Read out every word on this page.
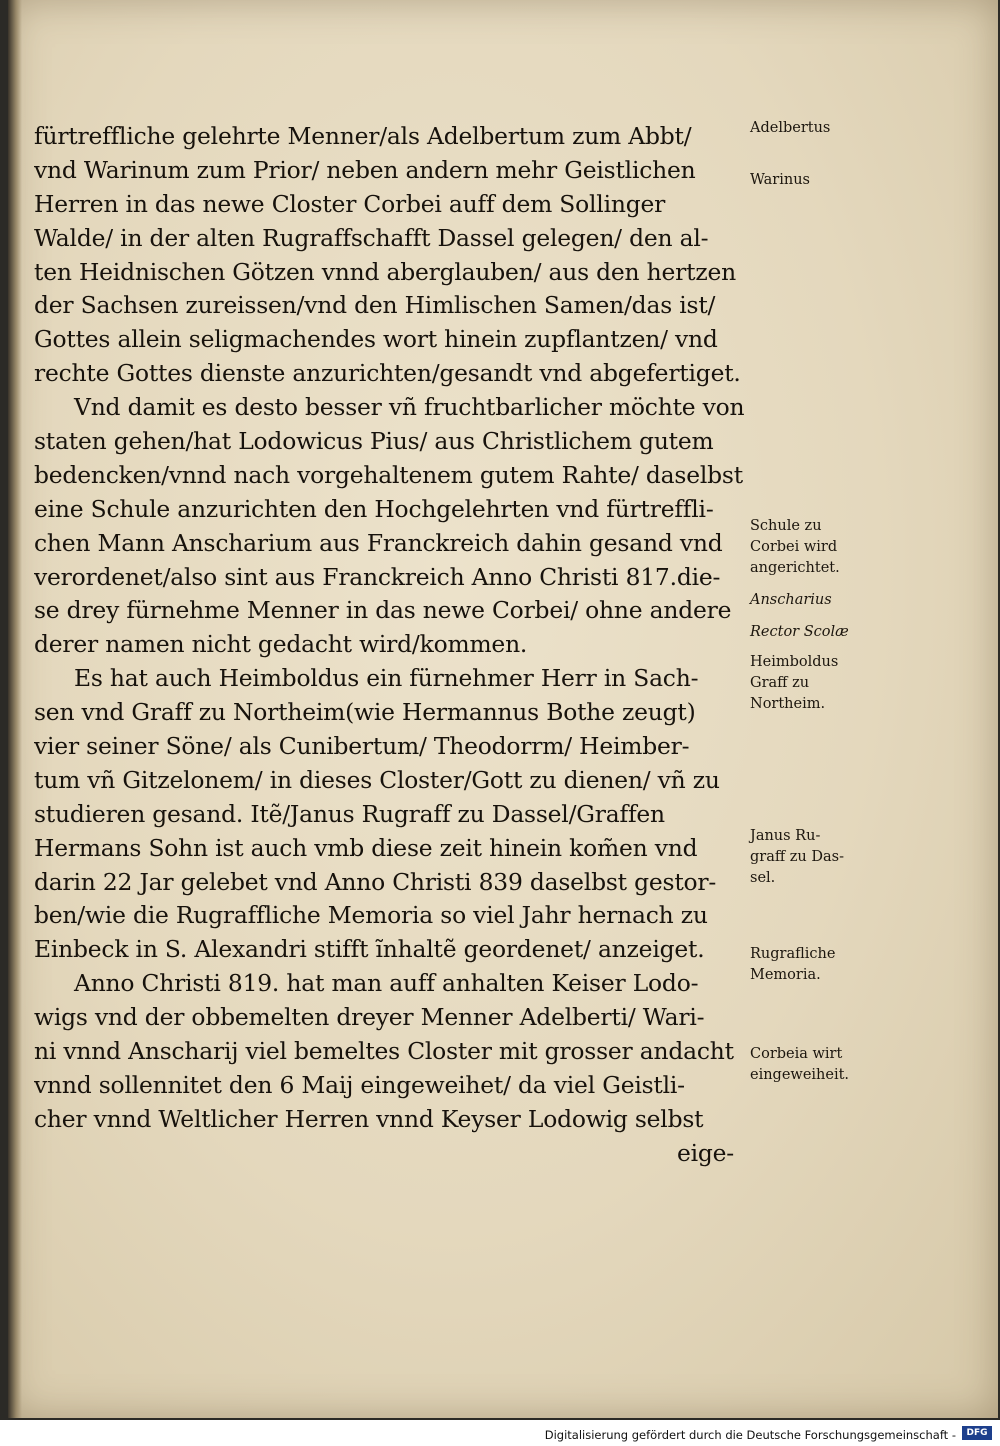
fürtreffliche gelehrte Menner/als Adelbertum zum Abbt/
vnd Warinum zum Prior/ neben andern mehr Geistlichen
Herren in das newe Closter Corbei auff dem Sollinger
Walde/ in der alten Rugraffschafft Dassel gelegen/ den al-
ten Heidnischen Götzen vnnd aberglauben/ aus den hertzen
der Sachsen zureissen/vnd den Himlischen Samen/das ist/
Gottes allein seligmachendes wort hinein zupflantzen/ vnd
rechte Gottes dienste anzurichten/gesandt vnd abgefertiget.
Vnd damit es desto besser vñ fruchtbarlicher möchte von
staten gehen/hat Lodowicus Pius/ aus Christlichem gutem
bedencken/vnnd nach vorgehaltenem gutem Rahte/ daselbst
eine Schule anzurichten den Hochgelehrten vnd fürtreffli-
chen Mann Anscharium aus Franckreich dahin gesand vnd
verordenet/also sint aus Franckreich Anno Christi 817.die-
se drey fürnehme Menner in das newe Corbei/ ohne andere
derer namen nicht gedacht wird/kommen.
Es hat auch Heimboldus ein fürnehmer Herr in Sach-
sen vnd Graff zu Northeim(wie Hermannus Bothe zeugt)
vier seiner Söne/ als Cunibertum/ Theodorrm/ Heimber-
tum vñ Gitzelonem/ in dieses Closter/Gott zu dienen/ vñ zu
studieren gesand. Itẽ/Janus Rugraff zu Dassel/Graffen
Hermans Sohn ist auch vmb diese zeit hinein kom̃en vnd
darin 22 Jar gelebet vnd Anno Christi 839 daselbst gestor-
ben/wie die Rugraffliche Memoria so viel Jahr hernach zu
Einbeck in S. Alexandri stifft ĩnhaltẽ geordenet/ anzeiget.
Anno Christi 819. hat man auff anhalten Keiser Lodo-
wigs vnd der obbemelten dreyer Menner Adelberti/ Wari-
ni vnnd Anscharij viel bemeltes Closter mit grosser andacht
vnnd sollennitet den 6 Maij eingeweihet/ da viel Geistli-
cher vnnd Weltlicher Herren vnnd Keyser Lodowig selbst
eige-
Adelbertus
Warinus
Schule zu
Corbei wird
angerichtet.
Anscharius
Rector Scolæ
Heimboldus
Graff zu
Northeim.
Janus Ru-
graff zu Das-
sel.
Rugrafliche
Memoria.
Corbeia wirt
eingeweiheit.
Digitalisierung gefördert durch die Deutsche Forschungsgemeinschaft -	DFG
